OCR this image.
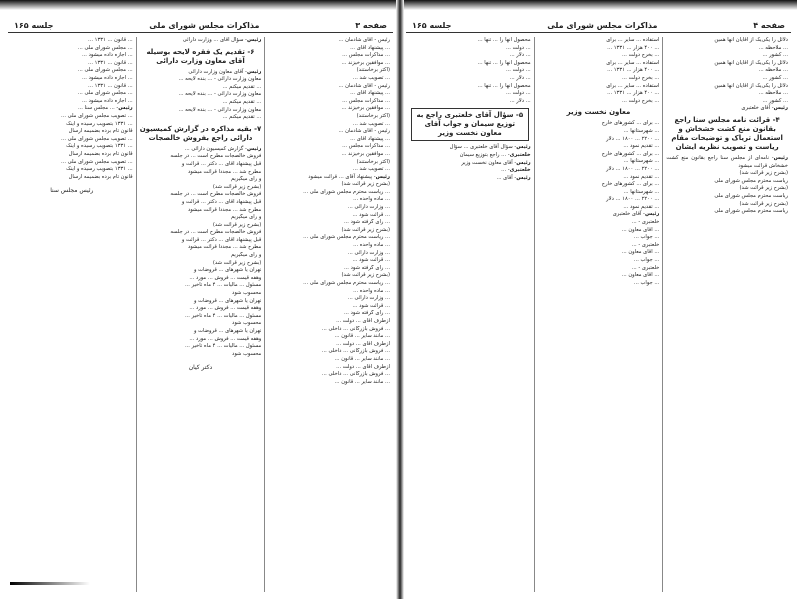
صفحه ۳
مذاکرات مجلس شورای ملی
جلسه ۱۶۵
رئیس - آقای شادمان ...
... پیشنهاد آقای ...
... مذاکرات مجلس ...
... موافقین برخیزند ...
(اکثر برخاستند)
... تصویب شد ...
رئیس - آقای شادمان ...
... پیشنهاد آقای ...
... مذاکرات مجلس ...
... موافقین برخیزند ...
(اکثر برخاستند)
... تصویب شد ...
رئیس - آقای شادمان ...
... پیشنهاد آقای ...
... مذاکرات مجلس ...
... موافقین برخیزند ...
(اکثر برخاستند)
... تصویب شد ...
رئیس- پیشنهاد آقای ... قرائت میشود
(بشرح زیر قرائت شد)
... ریاست محترم مجلس شورای ملی ...
... ماده واحده ...
... وزارت دارائی ...
... قرائت شود ...
... رأی گرفته شود ...
(بشرح زیر قرائت شد)
... ریاست محترم مجلس شورای ملی ...
... ماده واحده ...
... وزارت دارائی ...
... قرائت شود ...
... رأی گرفته شود ...
(بشرح زیر قرائت شد)
... ریاست محترم مجلس شورای ملی ...
... ماده واحده ...
... وزارت دارائی ...
... قرائت شود ...
... رأی گرفته شود ...
ازطرف آقای ... دولت ...
... فروش بازرگانی ... داخلی ...
... مانند سایر ... قانون ...
ازطرف آقای ... دولت ...
... فروش بازرگانی ... داخلی ...
... مانند سایر ... قانون ...
ازطرف آقای ... دولت ...
... فروش بازرگانی ... داخلی ...
... مانند سایر ... قانون ...
رئیس- سؤال آقای ... وزارت دارائی
۶- تقدیم یک فقره لایحه بوسیله آقای معاون وزارت دارائی
رئیس- آقای معاون وزارت دارائی
معاون وزارت دارائی - ... بنده لایحه ...
... تقدیم میکنم ...
معاون وزارت دارائی - ... بنده لایحه ...
... تقدیم میکنم ...
معاون وزارت دارائی - ... بنده لایحه ...
... تقدیم میکنم ...
۷- بقیه مذاکره در گزارش کمیسیون دارائی راجع بفروش خالصجات
رئیس- گزارش کمیسیون دارائی ...
فروش خالصجات مطرح است ... در جلسه
قبل پیشنهاد آقای ... دکتر ... قرائت و
مطرح شد ... مجدداً قرائت میشود
و رأی میگیریم
(بشرح زیر قرائت شد)
فروش خالصجات مطرح است ... در جلسه
قبل پیشنهاد آقای ... دکتر ... قرائت و
مطرح شد ... مجدداً قرائت میشود
و رأی میگیریم
(بشرح زیر قرائت شد)
فروش خالصجات مطرح است ... در جلسه
قبل پیشنهاد آقای ... دکتر ... قرائت و
مطرح شد ... مجدداً قرائت میشود
و رأی میگیریم
(بشرح زیر قرائت شد)
تهران یا شهرهای ... قروضات و
وهفه قیمت ... فروش ... مورد ...
مسئول ... مالیات ... ۴ ماه تاخیر ...
محسوب شود
تهران یا شهرهای ... قروضات و
وهفه قیمت ... فروش ... مورد ...
مسئول ... مالیات ... ۴ ماه تاخیر ...
محسوب شود
تهران یا شهرهای ... قروضات و
وهفه قیمت ... فروش ... مورد ...
مسئول ... مالیات ... ۴ ماه تاخیر ...
محسوب شود
دکتر کیان
... قانون ... ۱۳۳۱ ...
... مجلس شورای ملی ...
... اجازه داده میشود ...
... قانون ... ۱۳۳۱ ...
... مجلس شورای ملی ...
... اجازه داده میشود ...
... قانون ... ۱۳۳۱ ...
... مجلس شورای ملی ...
... اجازه داده میشود ...
رئیس- ... مجلس سنا ...
... تصویب مجلس شورای ملی ...
... ۱۳۳۱ بتصویب رسیده و اینک
قانون تام برده بضمیمه ارسال
... تصویب مجلس شورای ملی ...
... ۱۳۳۱ بتصویب رسیده و اینک
قانون تام برده بضمیمه ارسال
... تصویب مجلس شورای ملی ...
... ۱۳۳۱ بتصویب رسیده و اینک
قانون تام برده بضمیمه ارسال
رئیس مجلس سنا
صفحه ۴
مذاکرات مجلس شورای ملی
جلسه ۱۶۵
دلائل را یکی‌یک از آقایان آنها همین
... ملاحظه ...
... کشور ...
دلائل را یکی‌یک از آقایان آنها همین
... ملاحظه ...
... کشور ...
دلائل را یکی‌یک از آقایان آنها همین
... ملاحظه ...
... کشور ...
رئیس- آقای خلعتبری
۴- قرائت نامه مجلس سنا راجع بقانون منع کشت خشخاش و استعمال تریاک و توضیحات مقام ریاست و تصویب نظریه ایشان
رئیس- نامه‌ای از مجلس سنا راجع بقانون منع کشت خشخاش قرائت میشود
(بشرح زیر قرائت شد)
ریاست محترم مجلس شورای ملی
(بشرح زیر قرائت شد)
ریاست محترم مجلس شورای ملی
(بشرح زیر قرائت شد)
ریاست محترم مجلس شورای ملی
استفاده ... سایر ... برای
... ۴۰۰ هزار ... ۱۳۳۱ ...
... بخرج دولت ...
استفاده ... سایر ... برای
... ۴۰۰ هزار ... ۱۳۳۱ ...
... بخرج دولت ...
استفاده ... سایر ... برای
... ۴۰۰ هزار ... ۱۳۳۱ ...
... بخرج دولت ...
معاون نخست وزیر
... برای ... کشورهای خارج
... شهرستانها ...
... ۲۲۰۰ ... ۱۸۰۰ ... دلار
... تقدیم نمود ...
... برای ... کشورهای خارج
... شهرستانها ...
... ۲۲۰۰ ... ۱۸۰۰ ... دلار
... تقدیم نمود ...
... برای ... کشورهای خارج
... شهرستانها ...
... ۲۲۰۰ ... ۱۸۰۰ ... دلار
... تقدیم نمود ...
رئیس- آقای خلعتبری
خلعتبری - ...
... آقای معاون ...
... جواب ...
خلعتبری - ...
... آقای معاون ...
... جواب ...
خلعتبری - ...
... آقای معاون ...
... جواب ...
محصول آنها را ... تنها ...
... دولت ...
... دلار ...
محصول آنها را ... تنها ...
... دولت ...
... دلار ...
محصول آنها را ... تنها ...
... دولت ...
... دلار ...
۵- سؤال آقای خلعتبری راجع به توزیع سیمان و جواب آقای معاون نخست وزیر
رئیس- سؤال آقای خلعتبری ... سؤال
خلعتبری- ... راجع بتوزیع سیمان
رئیس- آقای معاون نخست وزیر
خلعتبری- ...
رئیس- آقای ...
